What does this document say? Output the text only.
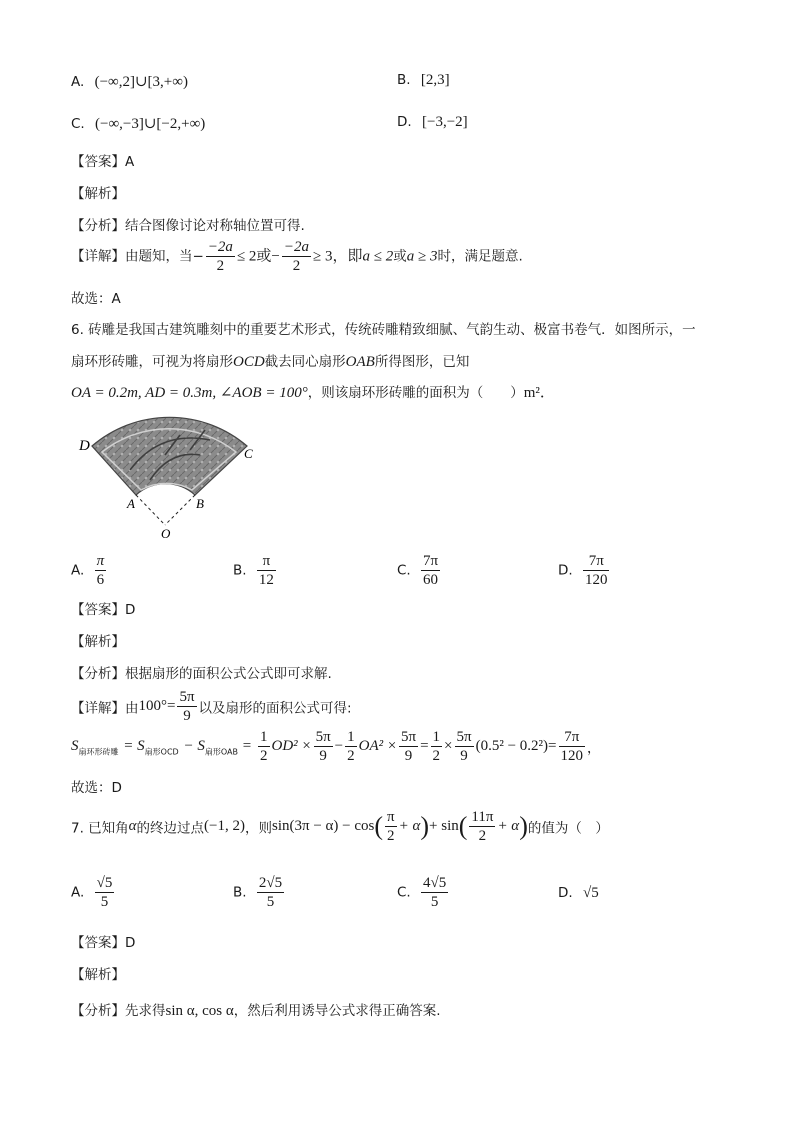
A. (−∞,2]∪[3,+∞)	B. [2,3]
C. (−∞,−3]∪[−2,+∞)	D. [−3,−2]
【答案】A
【解析】
【分析】结合图像讨论对称轴位置可得.
【详解】由题知，当− $\frac{-2a}{2} \le 2$或− $\frac{-2a}{2} \ge 3$，即a ≤ 2或a ≥ 3时，满足题意.
故选：A
6. 砖雕是我国古建筑雕刻中的重要艺术形式，传统砖雕精致细腻、气韵生动、极富书卷气．如图所示，一
扇环形砖雕，可视为将扇形OCD截去同心扇形OAB所得图形，已知
OA = 0.2m, AD = 0.3m, ∠AOB = 100°，则该扇环形砖雕的面积为（　　）m²．
D	C
A	B
O
A. $\frac{\pi}{6}$	B. $\frac{\pi}{12}$	C. $\frac{7\pi}{60}$	D. $\frac{7\pi}{120}$
【答案】D
【解析】
【分析】根据扇形的面积公式公式即可求解.
【详解】由$100^\circ= \frac{5\pi}{9}$ 以及扇形的面积公式可得:
$S_{扇环形砖雕} = S_{扇形OCD} - S_{扇形OAB} = \frac{1}{2} OD^2 \times \frac{5\pi}{9} - \frac{1}{2} OA^2 \times \frac{5\pi}{9} = \frac{1}{2} \times \frac{5\pi}{9} (0.5^2 - 0.2^2)= \frac{7\pi}{120}$ ，
故选：D
7. 已知角α的终边过点(−1, 2)，则$\sin(3\pi - \alpha) - \cos( \frac{\pi}{2} + \alpha)+ \sin( \frac{11\pi}{2} + \alpha)$的值为（　）
A. $\frac{√5}{5}$	B. $\frac{2√5}{5}$	C. $\frac{4√5}{5}$	D. √5
【答案】D
【解析】
【分析】先求得sin α, cos α，然后利用诱导公式求得正确答案.
